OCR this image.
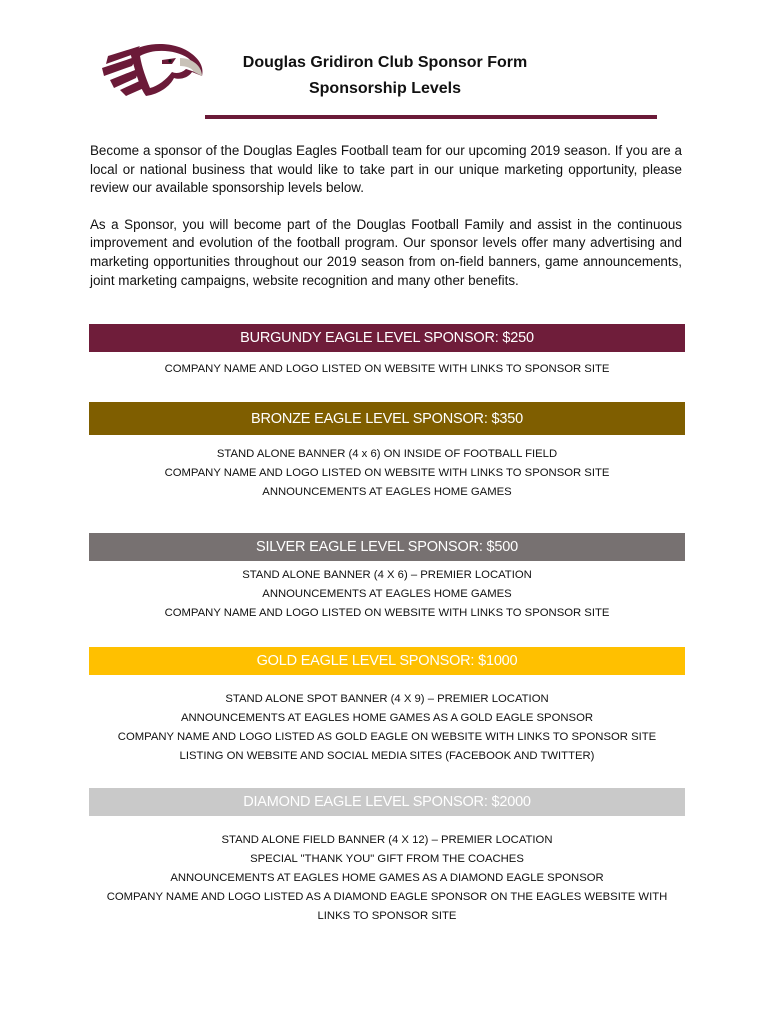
Douglas Gridiron Club Sponsor Form
Sponsorship Levels

Become a sponsor of the Douglas Eagles Football team for our upcoming 2019 season. If you are a local or national business that would like to take part in our unique marketing opportunity, please review our available sponsorship levels below.

As a Sponsor, you will become part of the Douglas Football Family and assist in the continuous improvement and evolution of the football program. Our sponsor levels offer many advertising and marketing opportunities throughout our 2019 season from on-field banners, game announcements, joint marketing campaigns, website recognition and many other benefits.

BURGUNDY EAGLE LEVEL SPONSOR: $250
COMPANY NAME AND LOGO LISTED ON WEBSITE WITH LINKS TO SPONSOR SITE
BRONZE EAGLE LEVEL SPONSOR: $350
STAND ALONE BANNER (4 x 6) ON INSIDE OF FOOTBALL FIELD
COMPANY NAME AND LOGO LISTED ON WEBSITE WITH LINKS TO SPONSOR SITE
ANNOUNCEMENTS AT EAGLES HOME GAMES
SILVER EAGLE LEVEL SPONSOR: $500
STAND ALONE BANNER (4 X 6) – PREMIER LOCATION
ANNOUNCEMENTS AT EAGLES HOME GAMES
COMPANY NAME AND LOGO LISTED ON WEBSITE WITH LINKS TO SPONSOR SITE
GOLD EAGLE LEVEL SPONSOR: $1000
STAND ALONE SPOT BANNER (4 X 9) – PREMIER LOCATION
ANNOUNCEMENTS AT EAGLES HOME GAMES AS A GOLD EAGLE SPONSOR
COMPANY NAME AND LOGO LISTED AS GOLD EAGLE ON WEBSITE WITH LINKS TO SPONSOR SITE
LISTING ON WEBSITE AND SOCIAL MEDIA SITES (FACEBOOK AND TWITTER)
DIAMOND EAGLE LEVEL SPONSOR: $2000
STAND ALONE FIELD BANNER (4 X 12) – PREMIER LOCATION
SPECIAL "THANK YOU" GIFT FROM THE COACHES
ANNOUNCEMENTS AT EAGLES HOME GAMES AS A DIAMOND EAGLE SPONSOR
COMPANY NAME AND LOGO LISTED AS A DIAMOND EAGLE SPONSOR ON THE EAGLES WEBSITE WITH
LINKS TO SPONSOR SITE
